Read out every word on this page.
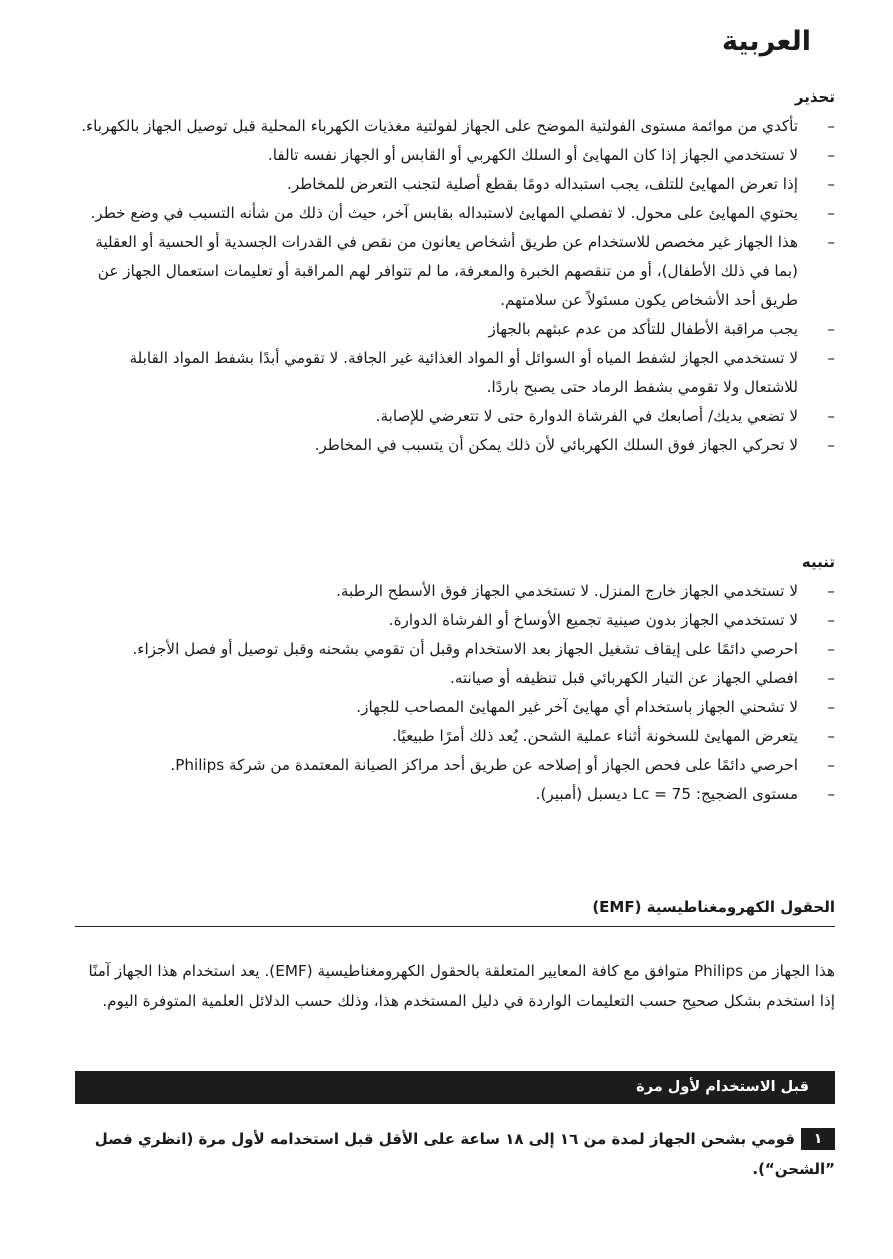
العربية
تحذير
– تأكدي من موائمة مستوى الفولتية الموضح على الجهاز لفولتية مغذيات الكهرباء المحلية قبل توصيل الجهاز بالكهرباء.
– لا تستخدمي الجهاز إذا كان المهايئ أو السلك الكهربي أو القابس أو الجهاز نفسه تالفا.
– إذا تعرض المهايئ للتلف، يجب استبداله دومًا بقطع أصلية لتجنب التعرض للمخاطر.
– يحتوي المهايئ على محول. لا تفصلي المهايئ لاستبداله بقابس آخر، حيث أن ذلك من شأنه التسبب في وضع خطر.
– هذا الجهاز غير مخصص للاستخدام عن طريق أشخاص يعانون من نقص في القدرات الجسدية أو الحسية أو العقلية (بما في ذلك الأطفال)، أو من تنقصهم الخبرة والمعرفة، ما لم تتوافر لهم المراقبة أو تعليمات استعمال الجهاز عن طريق أحد الأشخاص يكون مسئولاً عن سلامتهم.
– يجب مراقبة الأطفال للتأكد من عدم عبثهم بالجهاز
– لا تستخدمي الجهاز لشفط المياه أو السوائل أو المواد الغذائية غير الجافة. لا تقومي أبدًا بشفط المواد القابلة للاشتعال ولا تقومي بشفط الرماد حتى يصبح باردًا.
– لا تضعي يديك/ أصابعك في الفرشاة الدوارة حتى لا تتعرضي للإصابة.
– لا تحركي الجهاز فوق السلك الكهربائي لأن ذلك يمكن أن يتسبب في المخاطر.
تنبيه
– لا تستخدمي الجهاز خارج المنزل. لا تستخدمي الجهاز فوق الأسطح الرطبة.
– لا تستخدمي الجهاز بدون صينية تجميع الأوساخ أو الفرشاة الدوارة.
– احرصي دائمًا على إيقاف تشغيل الجهاز بعد الاستخدام وقبل أن تقومي بشحنه وقبل توصيل أو فصل الأجزاء.
– افصلي الجهاز عن التيار الكهربائي قبل تنظيفه أو صيانته.
– لا تشحني الجهاز باستخدام أي مهايئ آخر غير المهايئ المصاحب للجهاز.
– يتعرض المهايئ للسخونة أثناء عملية الشحن. يُعد ذلك أمرًا طبيعيًا.
– احرصي دائمًا على فحص الجهاز أو إصلاحه عن طريق أحد مراكز الصيانة المعتمدة من شركة Philips.
– مستوى الضجيج: Lc = 75 ديسبل (أمبير).
الحقول الكهرومغناطيسية (EMF)

هذا الجهاز من Philips متوافق مع كافة المعايير المتعلقة بالحقول الكهرومغناطيسية (EMF). يعد استخدام هذا الجهاز آمنًا إذا استخدم بشكل صحيح حسب التعليمات الواردة في دليل المستخدم هذا، وذلك حسب الدلائل العلمية المتوفرة اليوم.

قبل الاستخدام لأول مرة
١
قومي بشحن الجهاز لمدة من ١٦ إلى ١٨ ساعة على الأقل قبل استخدامه لأول مرة (انظري فصل ”الشحن“).
